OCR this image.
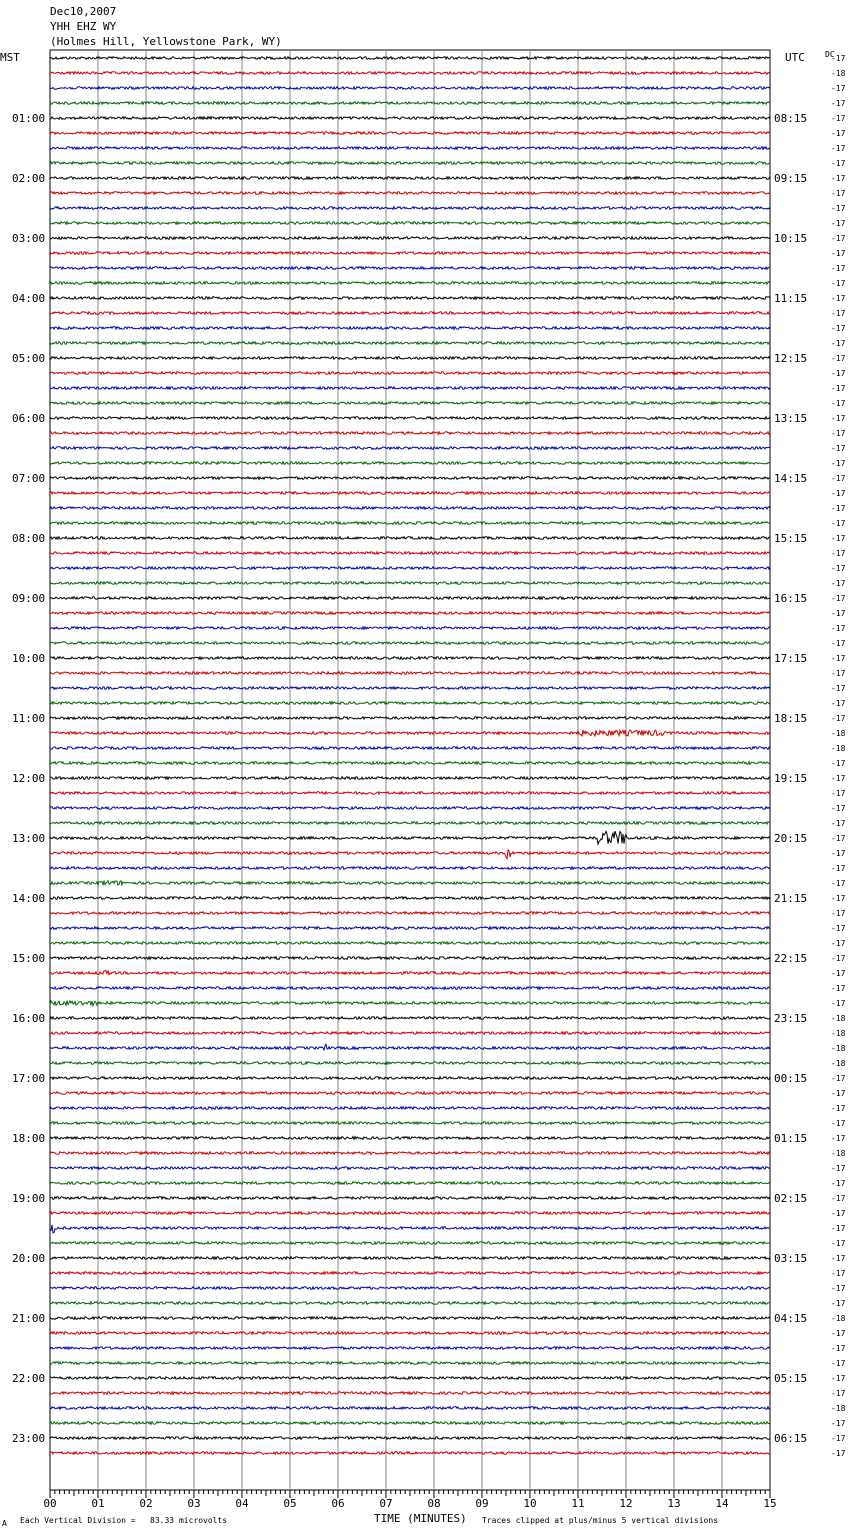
Dec10,2007
YHH EHZ WY
(Holmes Hill, Yellowstone Park, WY)
MST	UTC	DC
-17
-18
-17
-17
-17
-17
-17
-17
-17
-17
-17
-17
-17
-17
-17
-17
-17
-17
-17
-17
-17
-17
-17
-17
-17
-17
-17
-17
-17
-17
-17
-17
-17
-17
-17
-17
-17
-17
-17
-17
-17
-17
-17
-17
-17
-18
-18
-17
-17
-17
-17
-17
-17
-17
-17
-17
-17
-17
-17
-17
-17
-17
-17
-17
-18
-18
-18
-18
-17
-17
-17
-17
-17
-18
-17
-17
-17
-17
-17
-17
-17
-17
-17
-17
-18
-17
-17
-17
-17
-17
-18
-17
-17
-17
01:00
02:00
03:00
04:00
05:00
06:00
07:00
08:00
09:00
10:00
11:00
12:00
13:00
14:00
15:00
16:00
17:00
18:00
19:00
20:00
21:00
22:00
23:00
08:15
09:15
10:15
11:15
12:15
13:15
14:15
15:15
16:15
17:15
18:15
19:15
20:15
21:15
22:15
23:15
00:15
01:15
02:15
03:15
04:15
05:15
06:15
00	01	02	03	04	05	06	07	08	09	10	11	12	13	14	15
A Each Vertical Division =   83.33 microvolts	TIME (MINUTES) Traces clipped at plus/minus 5 vertical divisions
